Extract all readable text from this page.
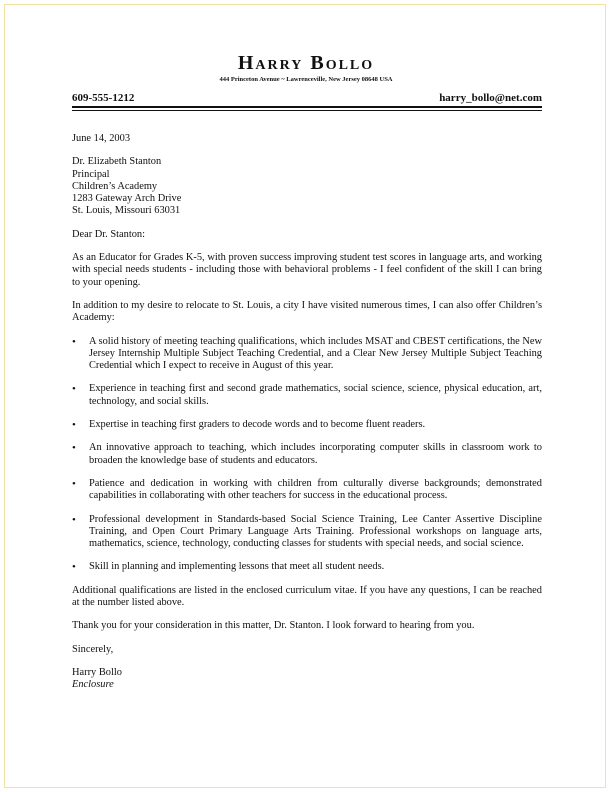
Harry Bollo
444 Princeton Avenue ~ Lawrenceville, New Jersey 08648 USA
609-555-1212	harry_bollo@net.com

June 14, 2003

Dr. Elizabeth Stanton
Principal
Children’s Academy
1283 Gateway Arch Drive
St. Louis, Missouri 63031

Dear Dr. Stanton:

As an Educator for Grades K-5, with proven success improving student test scores in language arts, and working with special needs students - including those with behavioral problems - I feel confident of the skill I can bring to your opening.

In addition to my desire to relocate to St. Louis, a city I have visited numerous times, I can also offer Children’s Academy:

• A solid history of meeting teaching qualifications, which includes MSAT and CBEST certifications, the New Jersey Internship Multiple Subject Teaching Credential, and a Clear New Jersey Multiple Subject Teaching Credential which I expect to receive in August of this year.
• Experience in teaching first and second grade mathematics, social science, science, physical education, art, technology, and social skills.
• Expertise in teaching first graders to decode words and to become fluent readers.
• An innovative approach to teaching, which includes incorporating computer skills in classroom work to broaden the knowledge base of students and educators.
• Patience and dedication in working with children from culturally diverse backgrounds; demonstrated capabilities in collaborating with other teachers for success in the educational process.
• Professional development in Standards-based Social Science Training, Lee Canter Assertive Discipline Training, and Open Court Primary Language Arts Training. Professional workshops on language arts, mathematics, science, technology, conducting classes for students with special needs, and social science.
• Skill in planning and implementing lessons that meet all student needs.

Additional qualifications are listed in the enclosed curriculum vitae. If you have any questions, I can be reached at the number listed above.

Thank you for your consideration in this matter, Dr. Stanton. I look forward to hearing from you.

Sincerely,

Harry Bollo
Enclosure
